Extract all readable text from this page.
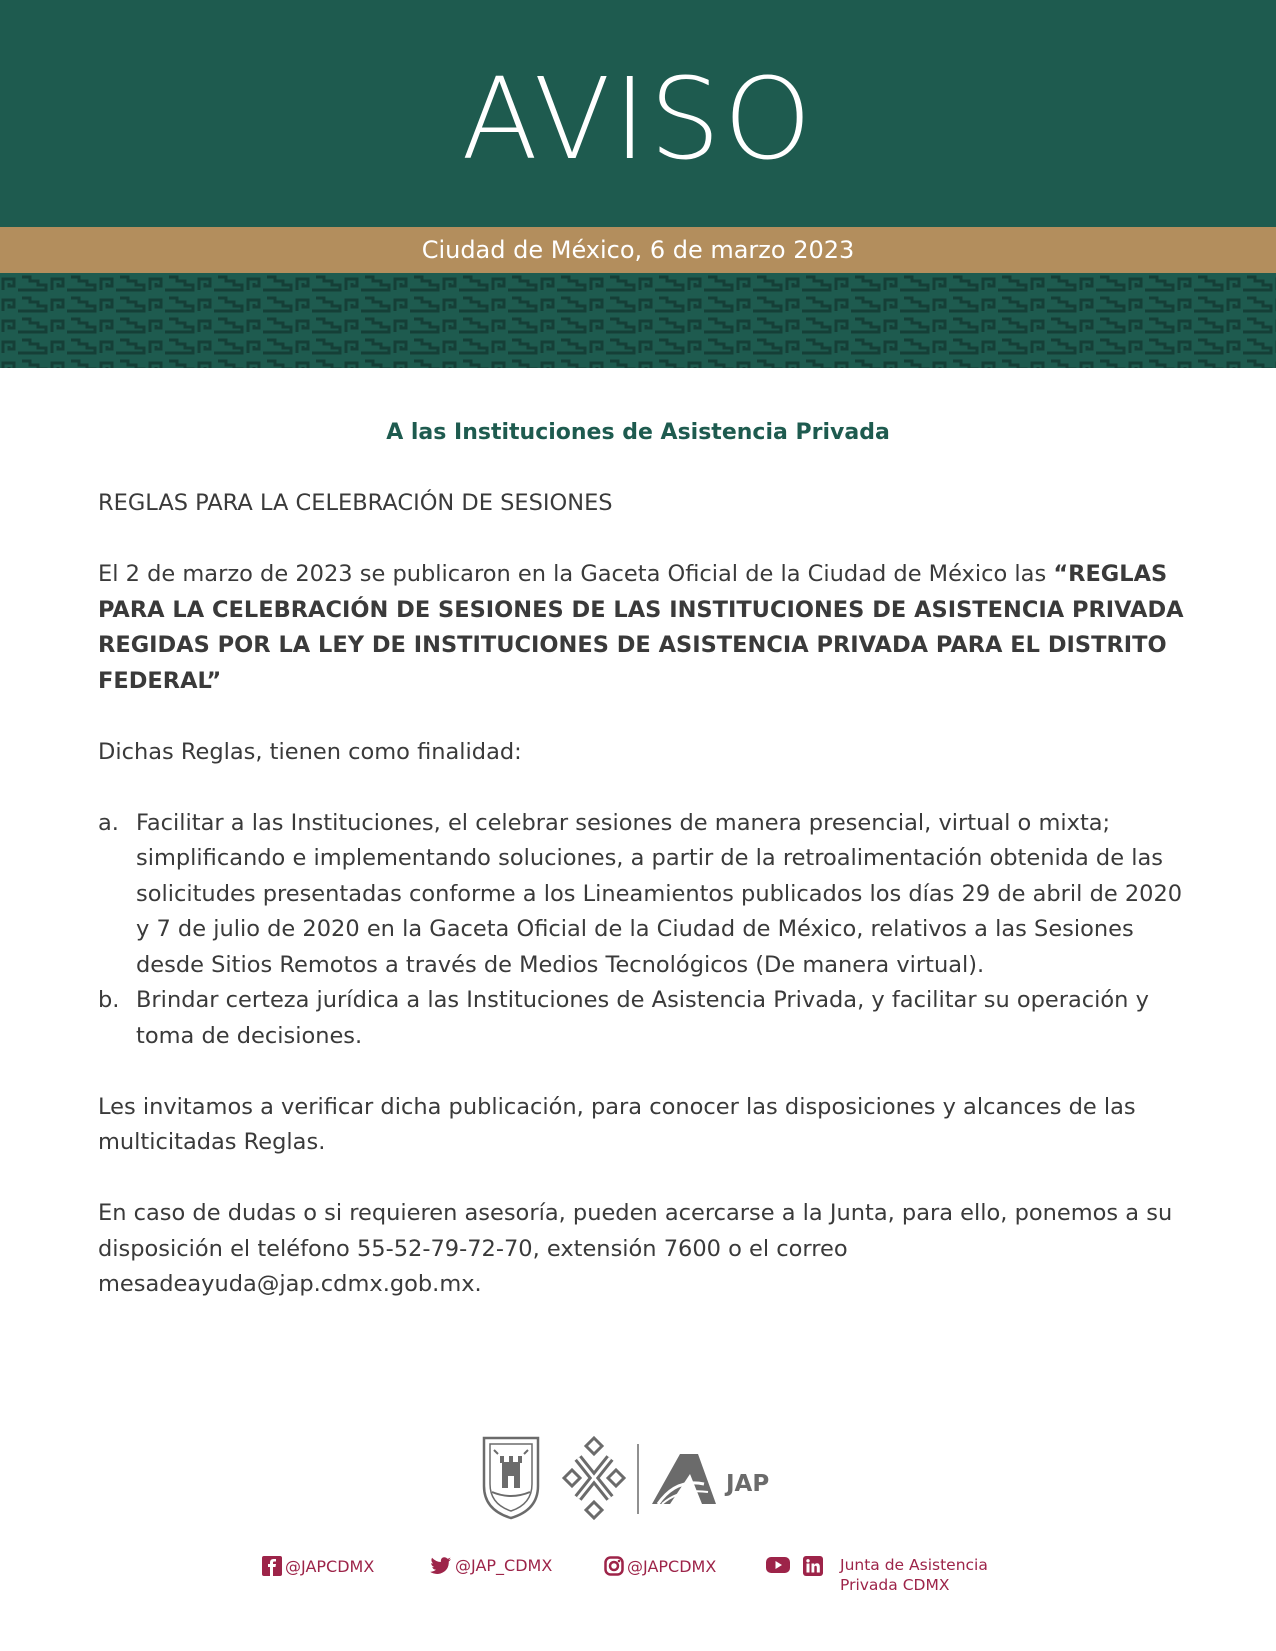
AVISO
Ciudad de México, 6 de marzo 2023
A las Instituciones de Asistencia Privada

REGLAS PARA LA CELEBRACIÓN DE SESIONES

El 2 de marzo de 2023 se publicaron en la Gaceta Oficial de la Ciudad de México las “REGLAS PARA LA CELEBRACIÓN DE SESIONES DE LAS INSTITUCIONES DE ASISTENCIA PRIVADA REGIDAS POR LA LEY DE INSTITUCIONES DE ASISTENCIA PRIVADA PARA EL DISTRITO FEDERAL”

Dichas Reglas, tienen como finalidad:

a. Facilitar a las Instituciones, el celebrar sesiones de manera presencial, virtual o mixta; simplificando e implementando soluciones, a partir de la retroalimentación obtenida de las solicitudes presentadas conforme a los Lineamientos publicados los días 29 de abril de 2020 y 7 de julio de 2020 en la Gaceta Oficial de la Ciudad de México, relativos a las Sesiones desde Sitios Remotos a través de Medios Tecnológicos (De manera virtual).
b. Brindar certeza jurídica a las Instituciones de Asistencia Privada, y facilitar su operación y toma de decisiones.

Les invitamos a verificar dicha publicación, para conocer las disposiciones y alcances de las multicitadas Reglas.

En caso de dudas o si requieren asesoría, pueden acercarse a la Junta, para ello, ponemos a su disposición el teléfono 55-52-79-72-70, extensión 7600 o el correo mesadeayuda@jap.cdmx.gob.mx.

JAP
@JAPCDMX	@JAP_CDMX	@JAPCDMX	Junta de Asistencia
Privada CDMX
